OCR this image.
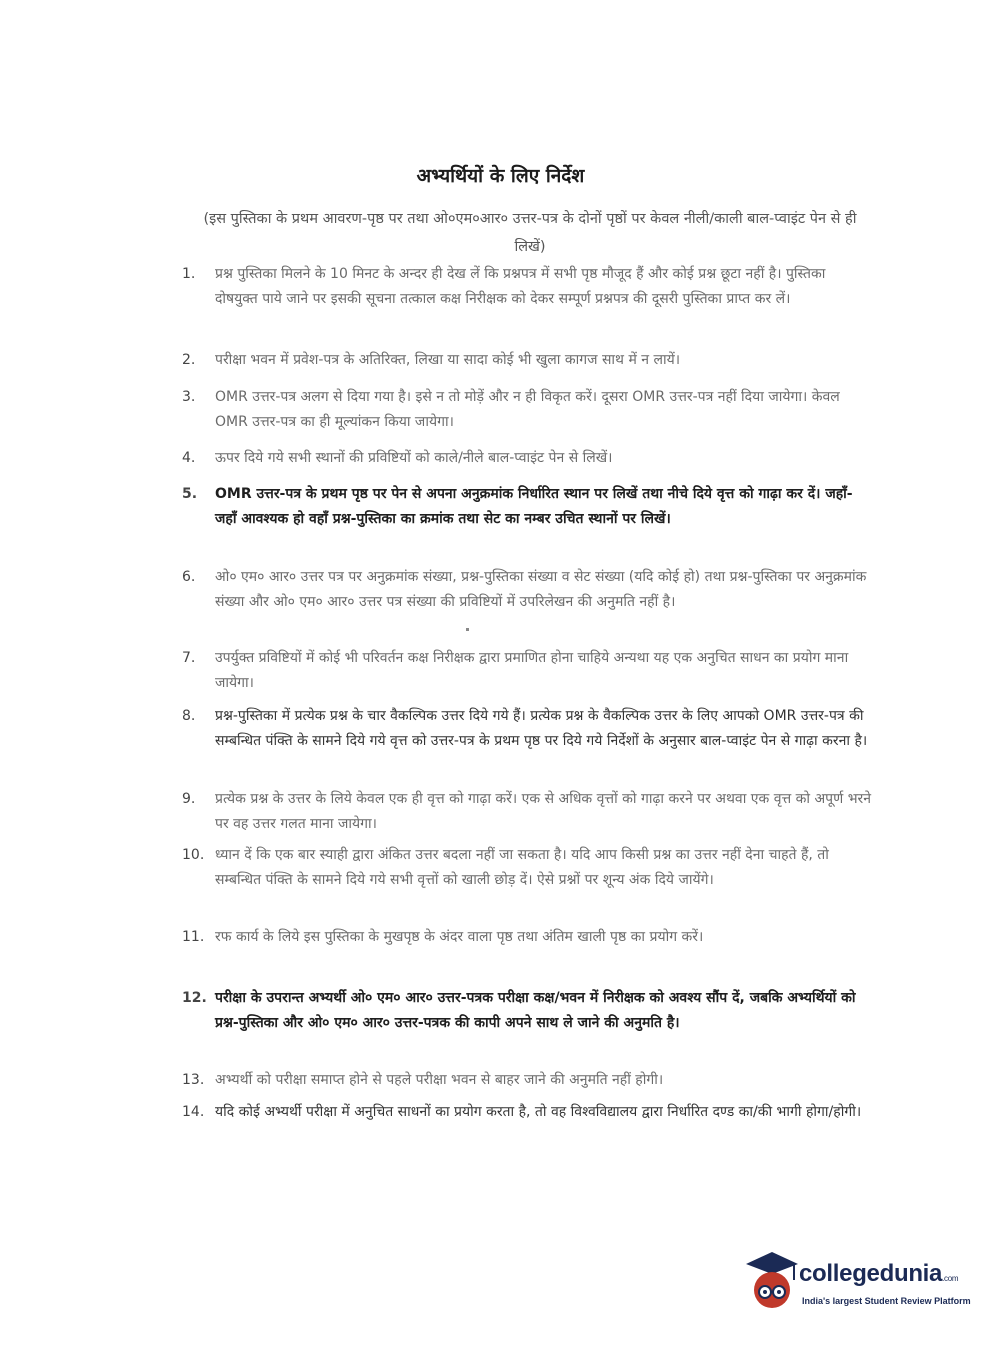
अभ्यर्थियों के लिए निर्देश
(इस पुस्तिका के प्रथम आवरण-पृष्ठ पर तथा ओ०एम०आर० उत्तर-पत्र के दोनों पृष्ठों पर केवल नीली/काली बाल-प्वाइंट पेन से ही लिखें)
1.	प्रश्न पुस्तिका मिलने के 10 मिनट के अन्दर ही देख लें कि प्रश्नपत्र में सभी पृष्ठ मौजूद हैं और कोई प्रश्न छूटा नहीं है। पुस्तिका दोषयुक्त पाये जाने पर इसकी सूचना तत्काल कक्ष निरीक्षक को देकर सम्पूर्ण प्रश्नपत्र की दूसरी पुस्तिका प्राप्त कर लें।
2.	परीक्षा भवन में प्रवेश-पत्र के अतिरिक्त, लिखा या सादा कोई भी खुला कागज साथ में न लायें।
3.	OMR उत्तर-पत्र अलग से दिया गया है। इसे न तो मोड़ें और न ही विकृत करें। दूसरा OMR उत्तर-पत्र नहीं दिया जायेगा। केवल OMR उत्तर-पत्र का ही मूल्यांकन किया जायेगा।
4.	ऊपर दिये गये सभी स्थानों की प्रविष्टियों को काले/नीले बाल-प्वाइंट पेन से लिखें।
5.	OMR उत्तर-पत्र के प्रथम पृष्ठ पर पेन से अपना अनुक्रमांक निर्धारित स्थान पर लिखें तथा नीचे दिये वृत्त को गाढ़ा कर दें। जहाँ-जहाँ आवश्यक हो वहाँ प्रश्न-पुस्तिका का क्रमांक तथा सेट का नम्बर उचित स्थानों पर लिखें।
6.	ओ० एम० आर० उत्तर पत्र पर अनुक्रमांक संख्या, प्रश्न-पुस्तिका संख्या व सेट संख्या (यदि कोई हो) तथा प्रश्न-पुस्तिका पर अनुक्रमांक संख्या और ओ० एम० आर० उत्तर पत्र संख्या की प्रविष्टियों में उपरिलेखन की अनुमति नहीं है।
7.	उपर्युक्त प्रविष्टियों में कोई भी परिवर्तन कक्ष निरीक्षक द्वारा प्रमाणित होना चाहिये अन्यथा यह एक अनुचित साधन का प्रयोग माना जायेगा।
8.	प्रश्न-पुस्तिका में प्रत्येक प्रश्न के चार वैकल्पिक उत्तर दिये गये हैं। प्रत्येक प्रश्न के वैकल्पिक उत्तर के लिए आपको OMR उत्तर-पत्र की सम्बन्धित पंक्ति के सामने दिये गये वृत्त को उत्तर-पत्र के प्रथम पृष्ठ पर दिये गये निर्देशों के अनुसार बाल-प्वाइंट पेन से गाढ़ा करना है।
9.	प्रत्येक प्रश्न के उत्तर के लिये केवल एक ही वृत्त को गाढ़ा करें। एक से अधिक वृत्तों को गाढ़ा करने पर अथवा एक वृत्त को अपूर्ण भरने पर वह उत्तर गलत माना जायेगा।
10. ध्यान दें कि एक बार स्याही द्वारा अंकित उत्तर बदला नहीं जा सकता है। यदि आप किसी प्रश्न का उत्तर नहीं देना चाहते हैं, तो सम्बन्धित पंक्ति के सामने दिये गये सभी वृत्तों को खाली छोड़ दें। ऐसे प्रश्नों पर शून्य अंक दिये जायेंगे।
11. रफ कार्य के लिये इस पुस्तिका के मुखपृष्ठ के अंदर वाला पृष्ठ तथा अंतिम खाली पृष्ठ का प्रयोग करें।
12. परीक्षा के उपरान्त अभ्यर्थी ओ० एम० आर० उत्तर-पत्रक परीक्षा कक्ष/भवन में निरीक्षक को अवश्य सौंप दें, जबकि अभ्यर्थियों को प्रश्न-पुस्तिका और ओ० एम० आर० उत्तर-पत्रक की कापी अपने साथ ले जाने की अनुमति है।
13. अभ्यर्थी को परीक्षा समाप्त होने से पहले परीक्षा भवन से बाहर जाने की अनुमति नहीं होगी।
14. यदि कोई अभ्यर्थी परीक्षा में अनुचित साधनों का प्रयोग करता है, तो वह विश्वविद्यालय द्वारा निर्धारित दण्ड का/की भागी होगा/होगी।
collegedunia.com
India's largest Student Review Platform
